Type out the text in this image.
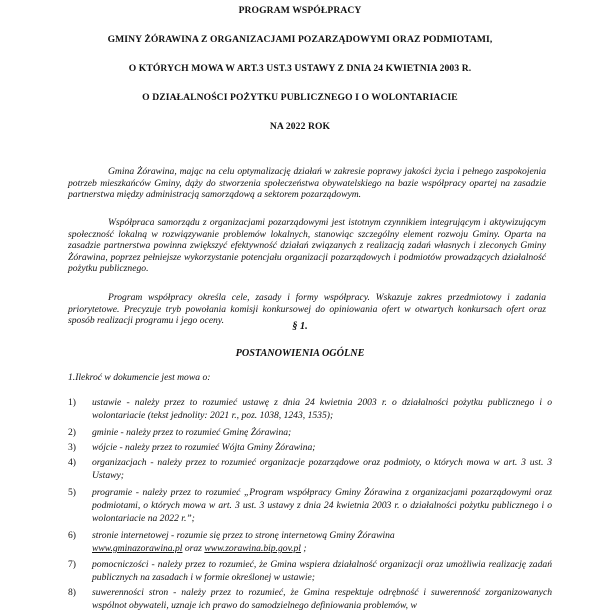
PROGRAM WSPÓŁPRACY
GMINY ŻÓRAWINA Z ORGANIZACJAMI POZARZĄDOWYMI ORAZ PODMIOTAMI,
O KTÓRYCH MOWA W ART.3 UST.3 USTAWY Z DNIA 24 KWIETNIA 2003 R.
O DZIAŁALNOŚCI POŻYTKU PUBLICZNEGO I O WOLONTARIACIE
NA 2022 ROK

Gmina Żórawina, mając na celu optymalizację działań w zakresie poprawy jakości życia i pełnego zaspokojenia potrzeb mieszkańców Gminy, dąży do stworzenia społeczeństwa obywatelskiego na bazie współpracy opartej na zasadzie partnerstwa między administracją samorządową a sektorem pozarządowym.

Współpraca samorządu z organizacjami pozarządowymi jest istotnym czynnikiem integrującym i aktywizującym społeczność lokalną w rozwiązywanie problemów lokalnych, stanowiąc szczególny element rozwoju Gminy. Oparta na zasadzie partnerstwa powinna zwiększyć efektywność działań związanych z realizacją zadań własnych i zleconych Gminy Żórawina, poprzez pełniejsze wykorzystanie potencjału organizacji pozarządowych i podmiotów prowadzących działalność pożytku publicznego.

Program współpracy określa cele, zasady i formy współpracy. Wskazuje zakres przedmiotowy i zadania priorytetowe. Precyzuje tryb powołania komisji konkursowej do opiniowania ofert w otwartych konkursach ofert oraz sposób realizacji programu i jego oceny.

§ 1.
POSTANOWIENIA OGÓLNE
1.Ilekroć w dokumencie jest mowa o:
1) ustawie - należy przez to rozumieć ustawę z dnia 24 kwietnia 2003 r. o działalności pożytku publicznego i o wolontariacie (tekst jednolity: 2021 r., poz. 1038, 1243, 1535);
2) gminie - należy przez to rozumieć Gminę Żórawina;
3) wójcie - należy przez to rozumieć Wójta Gminy Żórawina;
4) organizacjach - należy przez to rozumieć organizacje pozarządowe oraz podmioty, o których mowa w art. 3 ust. 3 Ustawy;
5) programie - należy przez to rozumieć „Program współpracy Gminy Żórawina z organizacjami pozarządowymi oraz podmiotami, o których mowa w art. 3 ust. 3 ustawy z dnia 24 kwietnia 2003 r. o działalności pożytku publicznego i o wolontariacie na 2022 r.”;
6) stronie internetowej - rozumie się przez to stronę internetową Gminy Żórawina
www.gminazorawina.pl oraz www.zorawina.bip.gov.pl ;
7) pomocniczości - należy przez to rozumieć, że Gmina wspiera działalność organizacji oraz umożliwia realizację zadań publicznych na zasadach i w formie określonej w ustawie;
8) suwerenności stron - należy przez to rozumieć, że Gmina respektuje odrębność i suwerenność zorganizowanych wspólnot obywateli, uznaje ich prawo do samodzielnego definiowania problemów, w
